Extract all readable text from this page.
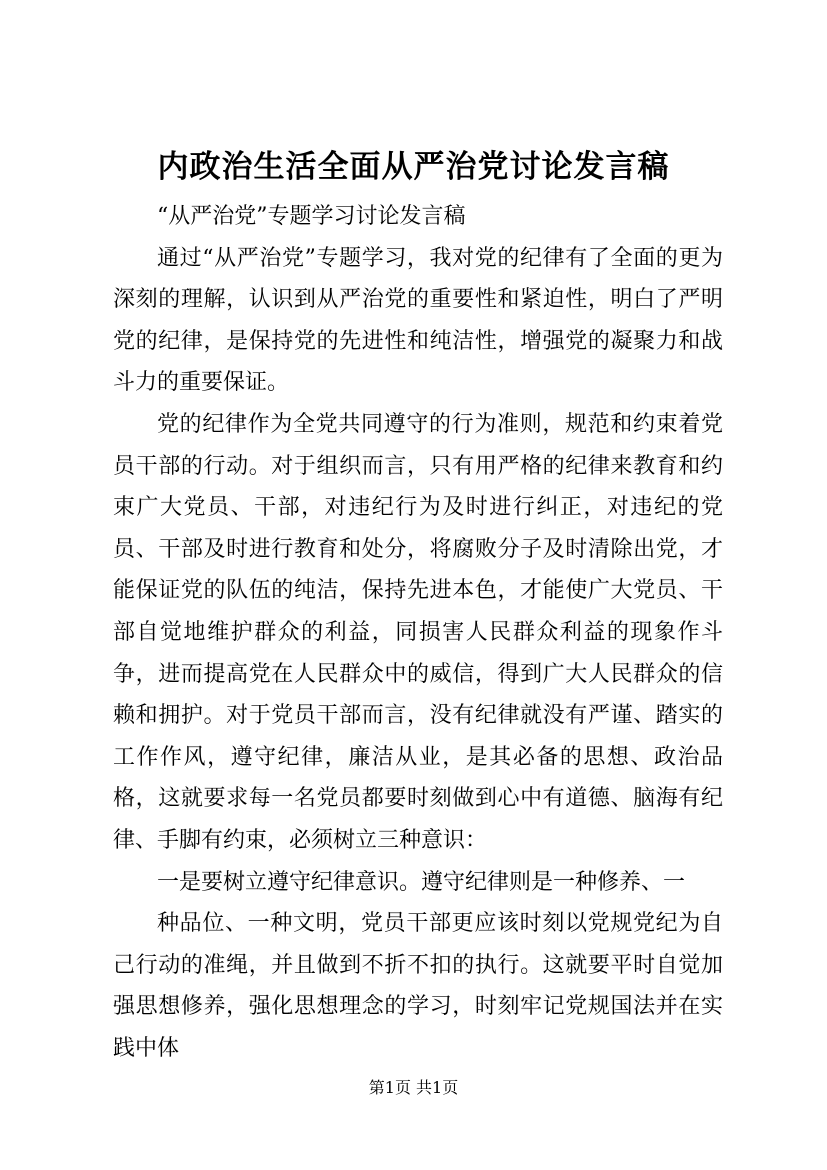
内政治生活全面从严治党讨论发言稿

“从严治党”专题学习讨论发言稿

通过“从严治党”专题学习，我对党的纪律有了全面的更为深刻的理解，认识到从严治党的重要性和紧迫性，明白了严明党的纪律，是保持党的先进性和纯洁性，增强党的凝聚力和战斗力的重要保证。

党的纪律作为全党共同遵守的行为准则，规范和约束着党员干部的行动。对于组织而言，只有用严格的纪律来教育和约束广大党员、干部，对违纪行为及时进行纠正，对违纪的党员、干部及时进行教育和处分，将腐败分子及时清除出党，才能保证党的队伍的纯洁，保持先进本色，才能使广大党员、干部自觉地维护群众的利益，同损害人民群众利益的现象作斗争，进而提高党在人民群众中的威信，得到广大人民群众的信赖和拥护。对于党员干部而言，没有纪律就没有严谨、踏实的工作作风，遵守纪律，廉洁从业，是其必备的思想、政治品格，这就要求每一名党员都要时刻做到心中有道德、脑海有纪律、手脚有约束，必须树立三种意识：

一是要树立遵守纪律意识。遵守纪律则是一种修养、一

种品位、一种文明，党员干部更应该时刻以党规党纪为自己行动的准绳，并且做到不折不扣的执行。这就要平时自觉加强思想修养，强化思想理念的学习，时刻牢记党规国法并在实践中体

第1页 共1页
